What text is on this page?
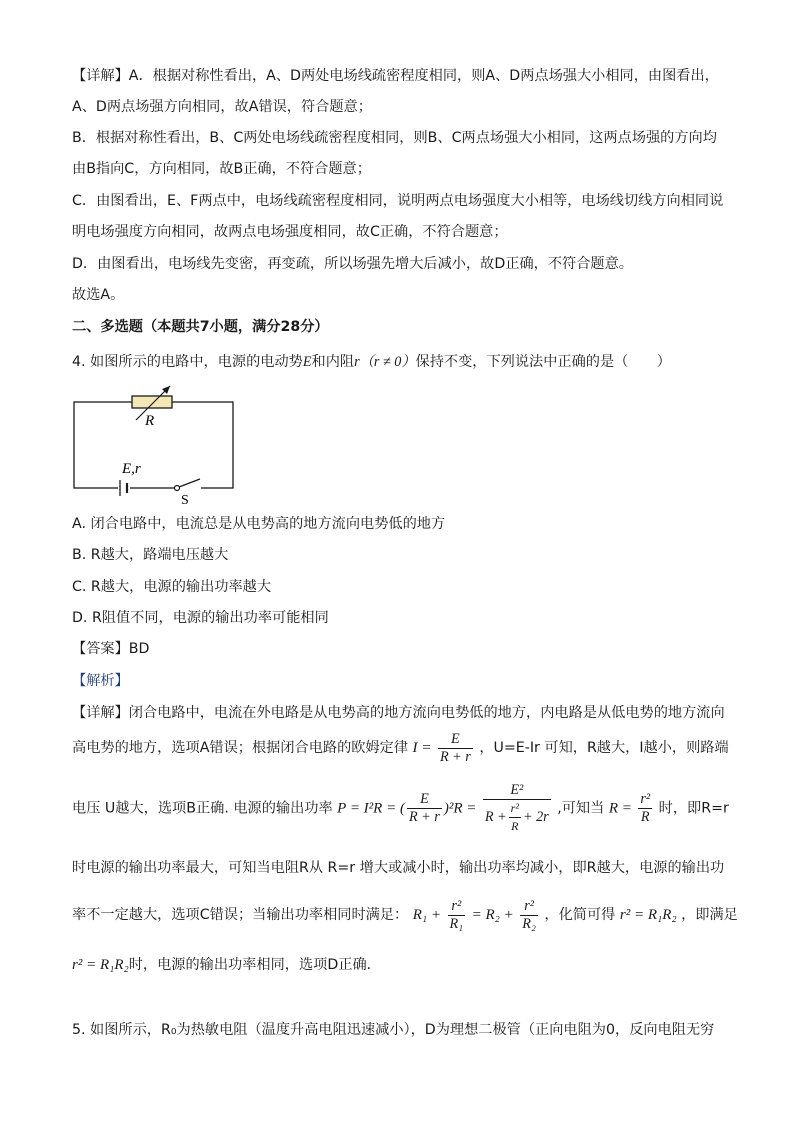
【详解】A．根据对称性看出，A、D两处电场线疏密程度相同，则A、D两点场强大小相同，由图看出，
A、D两点场强方向相同，故A错误，符合题意；
B．根据对称性看出，B、C两处电场线疏密程度相同，则B、C两点场强大小相同，这两点场强的方向均
由B指向C，方向相同，故B正确，不符合题意；
C．由图看出，E、F两点中，电场线疏密程度相同，说明两点电场强度大小相等，电场线切线方向相同说
明电场强度方向相同，故两点电场强度相同，故C正确，不符合题意；
D．由图看出，电场线先变密，再变疏，所以场强先增大后减小，故D正确，不符合题意。
故选A。
二、多选题（本题共7小题，满分28分）
4. 如图所示的电路中，电源的电动势E和内阻r（r ≠ 0）保持不变，下列说法中正确的是（　　）
R
E,r
S
A. 闭合电路中，电流总是从电势高的地方流向电势低的地方
B. R越大，路端电压越大
C. R越大，电源的输出功率越大
D. R阻值不同，电源的输出功率可能相同
【答案】BD
【解析】
【详解】闭合电路中，电流在外电路是从电势高的地方流向电势低的地方，内电路是从低电势的地方流向
高电势的地方，选项A错误；根据闭合电路的欧姆定律 $I = \frac{E}{R + r}$ ，U=E-Ir 可知，R越大，I越小，则路端
电压 U越大，选项B正确. 电源的输出功率 P = I²R = ( $\frac{E}{R + r} )^2R = \frac{\text{E²}}{R + \frac{\text{r²}}{R} + 2r}$ ,可知当 $R = \frac{\text{r²}}{R}$ 时，即R=r
时电源的输出功率最大，可知当电阻R从 R=r 增大或减小时，输出功率均减小，即R越大，电源的输出功
率不一定越大，选项C错误；当输出功率相同时满足： $R_1 + \frac{\text{r²}}{\text{R₁}} = R_2 + \frac{\text{r²}}{\text{R₂}}$ ，化简可得 r² = R₁R₂ ，即满足
r² = R₁R₂时，电源的输出功率相同，选项D正确．
5. 如图所示，R₀为热敏电阻（温度升高电阻迅速减小），D为理想二极管（正向电阻为0，反向电阻无穷
